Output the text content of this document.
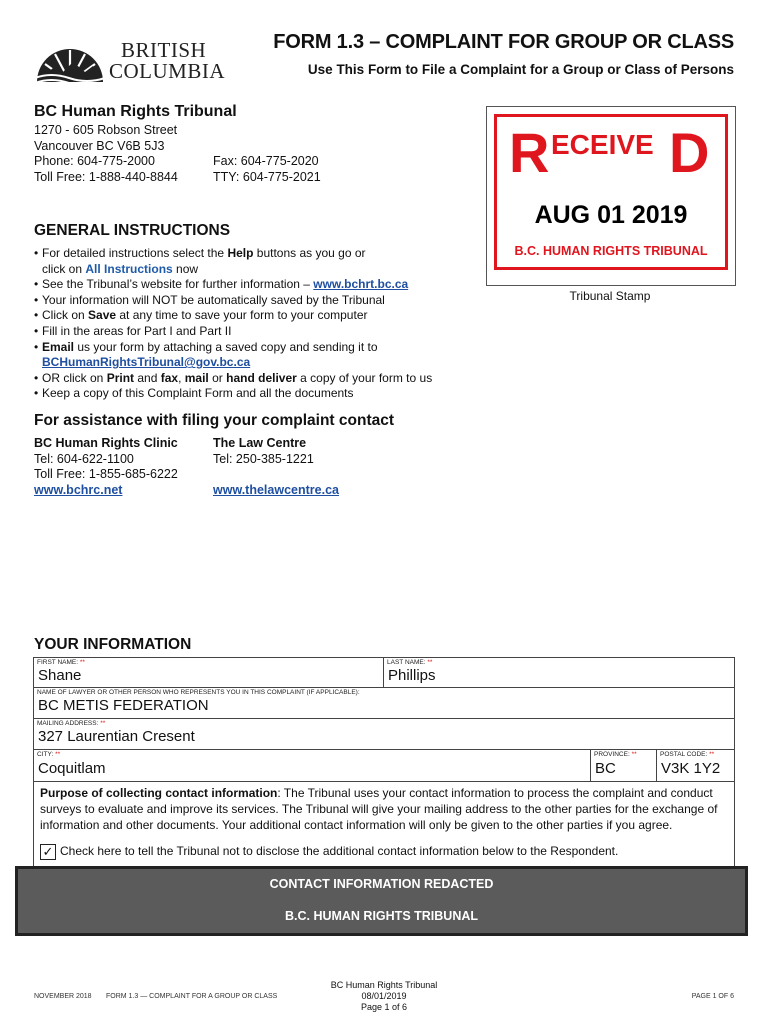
BRITISH
COLUMBIA
FORM 1.3 – COMPLAINT FOR GROUP OR CLASS
Use This Form to File a Complaint for a Group or Class of Persons
BC Human Rights Tribunal
1270 - 605 Robson Street
Vancouver BC V6B 5J3
Phone: 604-775-2000
Toll Free: 1-888-440-8844
Fax: 604-775-2020
TTY: 604-775-2021	R ECEIVE D
AUG 01 2019
B.C. HUMAN RIGHTS TRIBUNAL
Tribunal Stamp
GENERAL INSTRUCTIONS
• For detailed instructions select the Help buttons as you go or
click on All Instructions now
• See the Tribunal’s website for further information – www.bchrt.bc.ca
• Your information will NOT be automatically saved by the Tribunal
• Click on Save at any time to save your form to your computer
• Fill in the areas for Part I and Part II
• Email us your form by attaching a saved copy and sending it to
BCHumanRightsTribunal@gov.bc.ca
• OR click on Print and fax, mail or hand deliver a copy of your form to us
• Keep a copy of this Complaint Form and all the documents
For assistance with filing your complaint contact
BC Human Rights Clinic
Tel: 604-622-1100
Toll Free: 1-855-685-6222
www.bchrc.net
The Law Centre
Tel: 250-385-1221
www.thelawcentre.ca
YOUR INFORMATION
FIRST NAME: **
Shane
LAST NAME: **
Phillips
NAME OF LAWYER OR OTHER PERSON WHO REPRESENTS YOU IN THIS COMPLAINT (IF APPLICABLE):
BC METIS FEDERATION
MAILING ADDRESS: **
327 Laurentian Cresent
CITY: **
Coquitlam
PROVINCE: **
BC
POSTAL CODE: **
V3K 1Y2
Purpose of collecting contact information: The Tribunal uses your contact information to process the complaint and conduct surveys to evaluate and improve its services. The Tribunal will give your mailing address to the other parties for the exchange of information and other documents. Your additional contact information will only be given to the other parties if you agree.
✓ Check here to tell the Tribunal not to disclose the additional contact information below to the Respondent.
CONTACT INFORMATION REDACTED
B.C. HUMAN RIGHTS TRIBUNAL
NOVEMBER 2018 FORM 1.3 — COMPLAINT FOR A GROUP OR CLASS
BC Human Rights Tribunal
08/01/2019
Page 1 of 6
PAGE 1 OF 6
